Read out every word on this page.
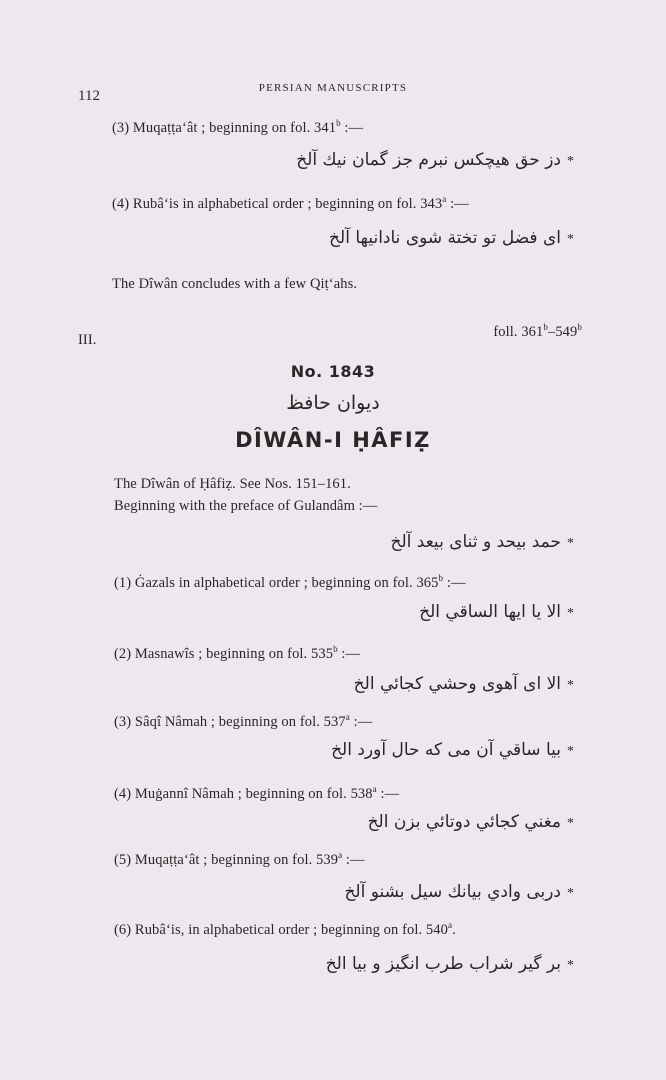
112	PERSIAN MANUSCRIPTS
(3) Muqaṭṭa‘ât ; beginning on fol. 341$^b$ :—
دز حق هيچكس نبرم جز گمان نيك آلخ *
(4) Rubâ‘is in alphabetical order ; beginning on fol. 343$^a$ :—
اى فضل تو تختة شوى نادانيها آلخ *
The Dîwân concludes with a few Qiṭ‘ahs.
III.	foll. 361$^b$–549$^b$
No. 1843
ديوان حافظ
DÎWÂN-I ḤÂFIẒ
The Dîwân of Ḥâfiẓ. See Nos. 151–161.
Beginning with the preface of Gulandâm :—
حمد بيحد و ثناى بيعد آلخ *
(1) Ġazals in alphabetical order ; beginning on fol. 365$^b$ :—
الا يا ايها الساقي الخ *
(2) Masnawîs ; beginning on fol. 535$^b$ :—
الا اى آهوى وحشي كجائي الخ *
(3) Sâqî Nâmah ; beginning on fol. 537$^a$ :—
بيا ساقي آن مى كه حال آورد الخ *
(4) Muġannî Nâmah ; beginning on fol. 538$^a$ :—
مغني كجائي دوتائي بزن الخ *
(5) Muqaṭṭa‘ât ; beginning on fol. 539$^a$ :—
دربى وادي بيانك سيل بشنو آلخ *
(6) Rubâ‘is, in alphabetical order ; beginning on fol. 540$^a$.
بر گير شراب طرب انگيز و بيا الخ *
